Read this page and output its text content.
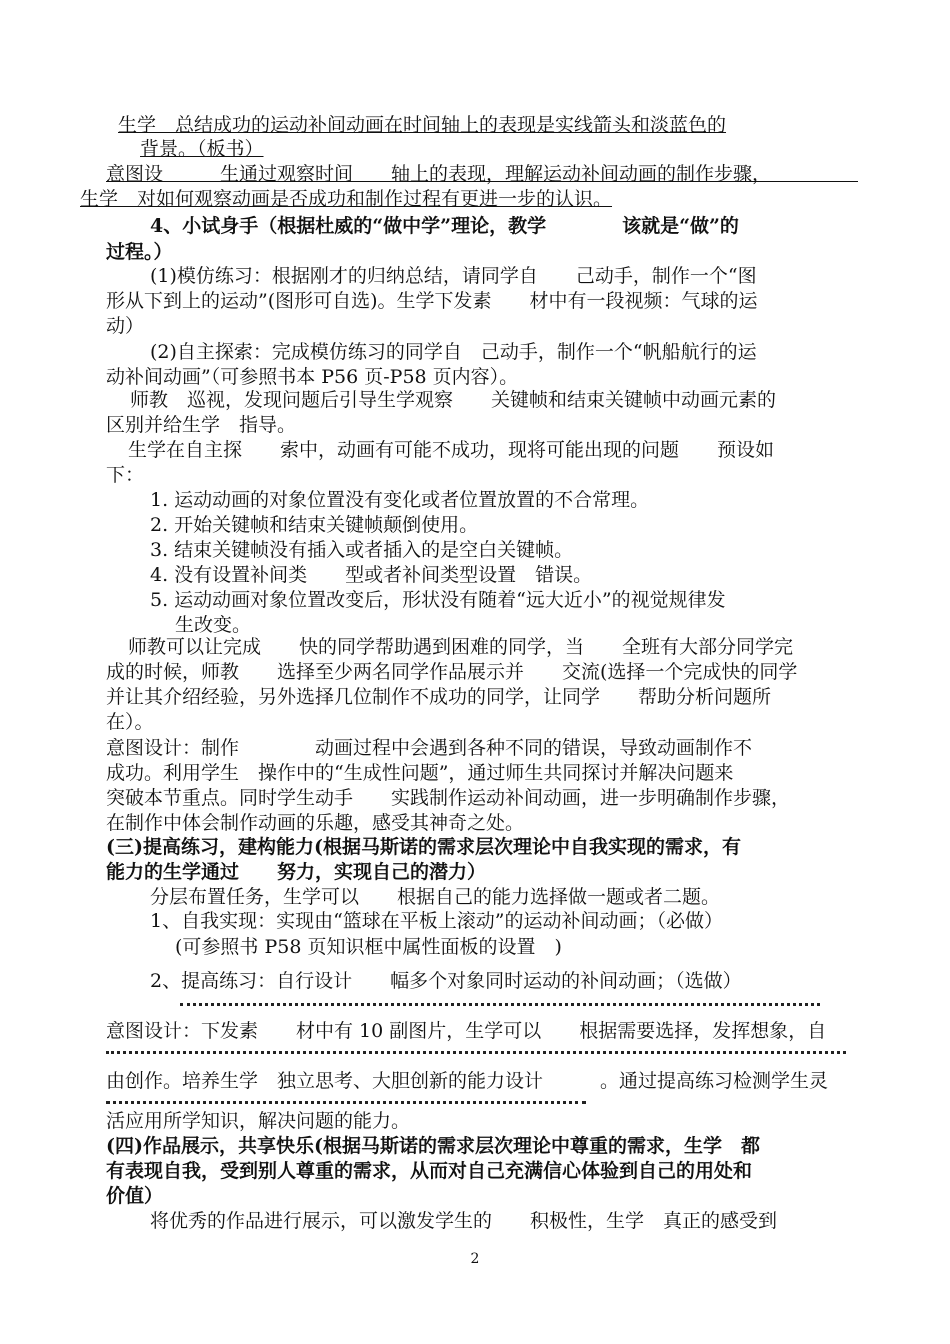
生学　总结成功的运动补间动画在时间轴上的表现是实线箭头和淡蓝色的
背景。（板书）
意图设　　　生通过观察时间　　轴上的表现，理解运动补间动画的制作步骤，
生学　对如何观察动画是否成功和制作过程有更进一步的认识。
4、小试身手（根据杜威的“做中学”理论，教学　　　　该就是“做”的
过程。）
(1)模仿练习：根据刚才的归纳总结，请同学自　　己动手，制作一个“图
形从下到上的运动”(图形可自选)。生学下发素　　材中有一段视频：气球的运
动）
(2)自主探索：完成模仿练习的同学自　己动手，制作一个“帆船航行的运
动补间动画”（可参照书本 P56 页-P58 页内容）。
师教　巡视，发现问题后引导生学观察　　关键帧和结束关键帧中动画元素的
区别并给生学　指导。
生学在自主探　　索中，动画有可能不成功，现将可能出现的问题　　预设如
下：
1. 运动动画的对象位置没有变化或者位置放置的不合常理。
2. 开始关键帧和结束关键帧颠倒使用。
3. 结束关键帧没有插入或者插入的是空白关键帧。
4. 没有设置补间类　　型或者补间类型设置　错误。
5. 运动动画对象位置改变后，形状没有随着“远大近小”的视觉规律发
生改变。
师教可以让完成　　快的同学帮助遇到困难的同学，当　　全班有大部分同学完
成的时候，师教　　选择至少两名同学作品展示并　　交流(选择一个完成快的同学
并让其介绍经验，另外选择几位制作不成功的同学，让同学　　帮助分析问题所
在）。
意图设计：制作　　　　动画过程中会遇到各种不同的错误，导致动画制作不
成功。利用学生　操作中的“生成性问题”，通过师生共同探讨并解决问题来
突破本节重点。同时学生动手　　实践制作运动补间动画，进一步明确制作步骤，
在制作中体会制作动画的乐趣，感受其神奇之处。
(三)提高练习，建构能力(根据马斯诺的需求层次理论中自我实现的需求，有
能力的生学通过　　努力，实现自己的潜力）
分层布置任务，生学可以　　根据自己的能力选择做一题或者二题。
1、自我实现：实现由“篮球在平板上滚动”的运动补间动画；（必做）
(可参照书 P58 页知识框中属性面板的设置　)
2、提高练习：自行设计　　幅多个对象同时运动的补间动画；（选做）
意图设计：下发素　　材中有 10 副图片，生学可以　　根据需要选择，发挥想象，自
由创作。培养生学　独立思考、大胆创新的能力设计　　　。通过提高练习检测学生灵
活应用所学知识，解决问题的能力。
(四)作品展示，共享快乐(根据马斯诺的需求层次理论中尊重的需求，生学　都
有表现自我，受到别人尊重的需求，从而对自己充满信心体验到自己的用处和
价值）
将优秀的作品进行展示，可以激发学生的　　积极性，生学　真正的感受到
2
